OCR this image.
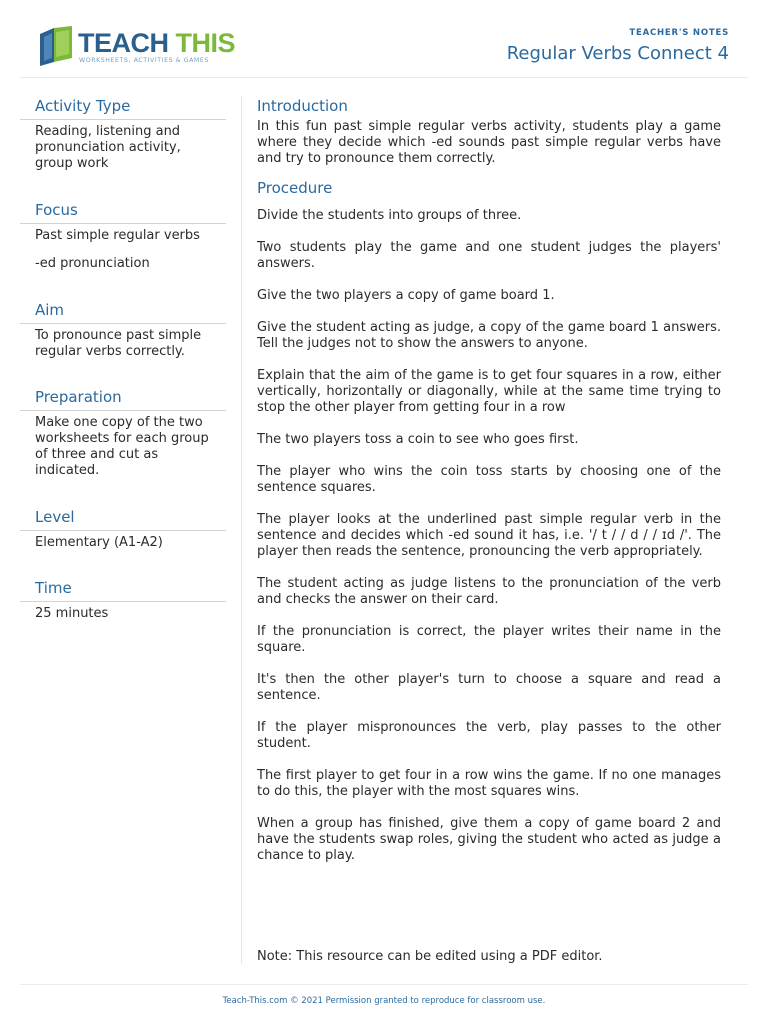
TEACH THIS
WORKSHEETS, ACTIVITIES & GAMES
TEACHER'S NOTES
Regular Verbs Connect 4
Activity Type

Reading, listening and pronunciation activity, group work

Focus

Past simple regular verbs

-ed pronunciation

Aim

To pronounce past simple regular verbs correctly.

Preparation

Make one copy of the two worksheets for each group of three and cut as indicated.

Level

Elementary (A1-A2)

Time

25 minutes

Introduction

In this fun past simple regular verbs activity, students play a game where they decide which -ed sounds past simple regular verbs have and try to pronounce them correctly.

Procedure

Divide the students into groups of three.

Two students play the game and one student judges the players' answers.

Give the two players a copy of game board 1.

Give the student acting as judge, a copy of the game board 1 answers. Tell the judges not to show the answers to anyone.

Explain that the aim of the game is to get four squares in a row, either vertically, horizontally or diagonally, while at the same time trying to stop the other player from getting four in a row

The two players toss a coin to see who goes first.

The player who wins the coin toss starts by choosing one of the sentence squares.

The player looks at the underlined past simple regular verb in the sentence and decides which -ed sound it has, i.e. '/ t / / d / / ɪd /'. The player then reads the sentence, pronouncing the verb appropriately.

The student acting as judge listens to the pronunciation of the verb and checks the answer on their card.

If the pronunciation is correct, the player writes their name in the square.

It's then the other player's turn to choose a square and read a sentence.

If the player mispronounces the verb, play passes to the other student.

The first player to get four in a row wins the game. If no one manages to do this, the player with the most squares wins.

When a group has finished, give them a copy of game board 2 and have the students swap roles, giving the student who acted as judge a chance to play.

Note: This resource can be edited using a PDF editor.
Teach-This.com © 2021 Permission granted to reproduce for classroom use.
